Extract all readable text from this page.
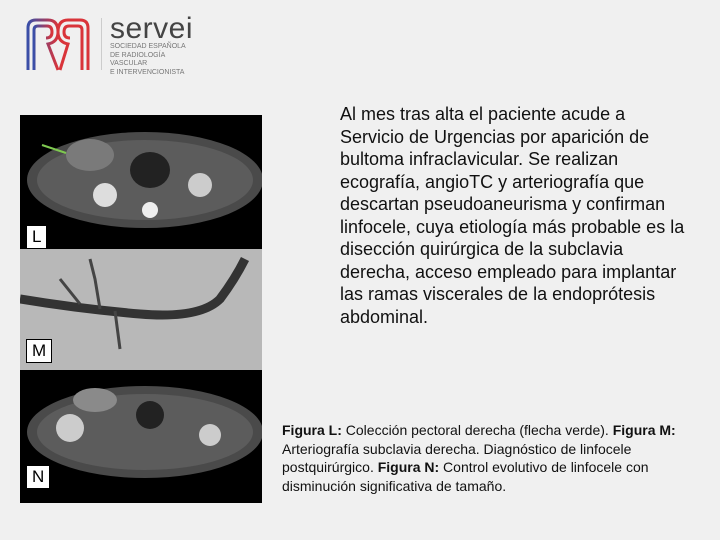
servei
SOCIEDAD ESPAÑOLA
DE RADIOLOGÍA
VASCULAR
E INTERVENCIONISTA
L
M
N
Al mes tras alta el paciente acude a Servicio de Urgencias por aparición de bultoma infraclavicular. Se realizan ecografía, angioTC y arteriografía que descartan pseudoaneurisma y confirman linfocele, cuya etiología más probable es la disección quirúrgica de la subclavia derecha, acceso empleado para implantar las ramas viscerales de la endoprótesis abdominal.
Figura L: Colección pectoral derecha (flecha verde). Figura M: Arteriografía subclavia derecha. Diagnóstico de linfocele postquirúrgico. Figura N: Control evolutivo de linfocele con disminución significativa de tamaño.
